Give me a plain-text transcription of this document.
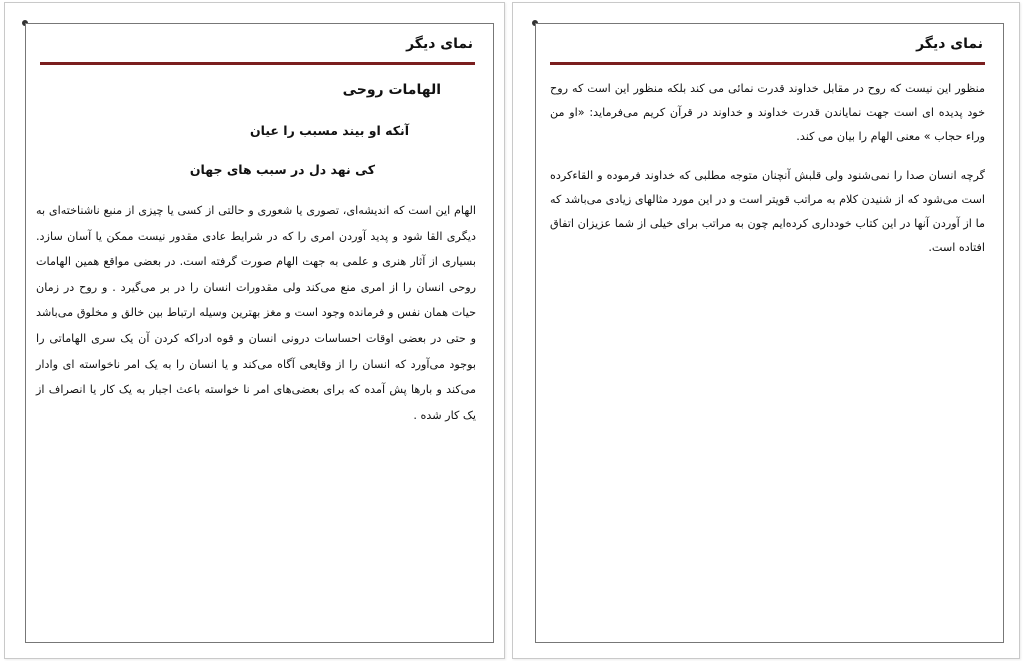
نمای دیگر
الهامات روحی
آنکه او بیند مسبب را عیان
کی نهد دل در سبب های جهان

الهام این است که اندیشه‌ای، تصوری یا شعوری و حالتی از کسی یا چیزی از منبع ناشناخته‌ای به دیگری القا شود و پدید آوردن امری را که در شرایط عادی مقدور نیست ممکن یا آسان سازد. بسیاری از آثار هنری و علمی به جهت الهام صورت گرفته است. در بعضی مواقع همین الهامات روحی انسان را از امری منع می‌کند ولی مقدورات انسان را در بر می‌گیرد . و روح در زمان حیات همان نفس و فرمانده وجود است و مغز بهترین وسیله ارتباط بین خالق و مخلوق می‌باشد و حتی در بعضی اوقات احساسات درونی انسان و قوه ادراکه کردن آن یک سری الهاماتی را بوجود می‌آورد که انسان را از وقایعی آگاه می‌کند و یا انسان را به یک امر ناخواسته ای وادار می‌کند و بارها پش آمده که برای بعضی‌های امر نا خواسته باعث اجبار به یک کار یا انصراف از یک کار شده .

نمای دیگر

منظور این نیست که روح در مقابل خداوند قدرت نمائی می کند بلکه منظور این است که روح خود پدیده ای است جهت نمایاندن قدرت خداوند و خداوند در قرآن کریم می‌فرماید: «او من وراء حجاب » معنی الهام را بیان می کند.

گرچه انسان صدا را نمی‌شنود ولی قلبش آنچنان متوجه مطلبی که خداوند فرموده و القاء‌کرده است می‌شود که از شنیدن کلام به مراتب قویتر است و در این مورد مثالهای زیادی می‌باشد که ما از آوردن آنها در این کتاب خودداری کرده‌ایم چون به مراتب برای خیلی از شما عزیزان اتفاق افتاده است.
